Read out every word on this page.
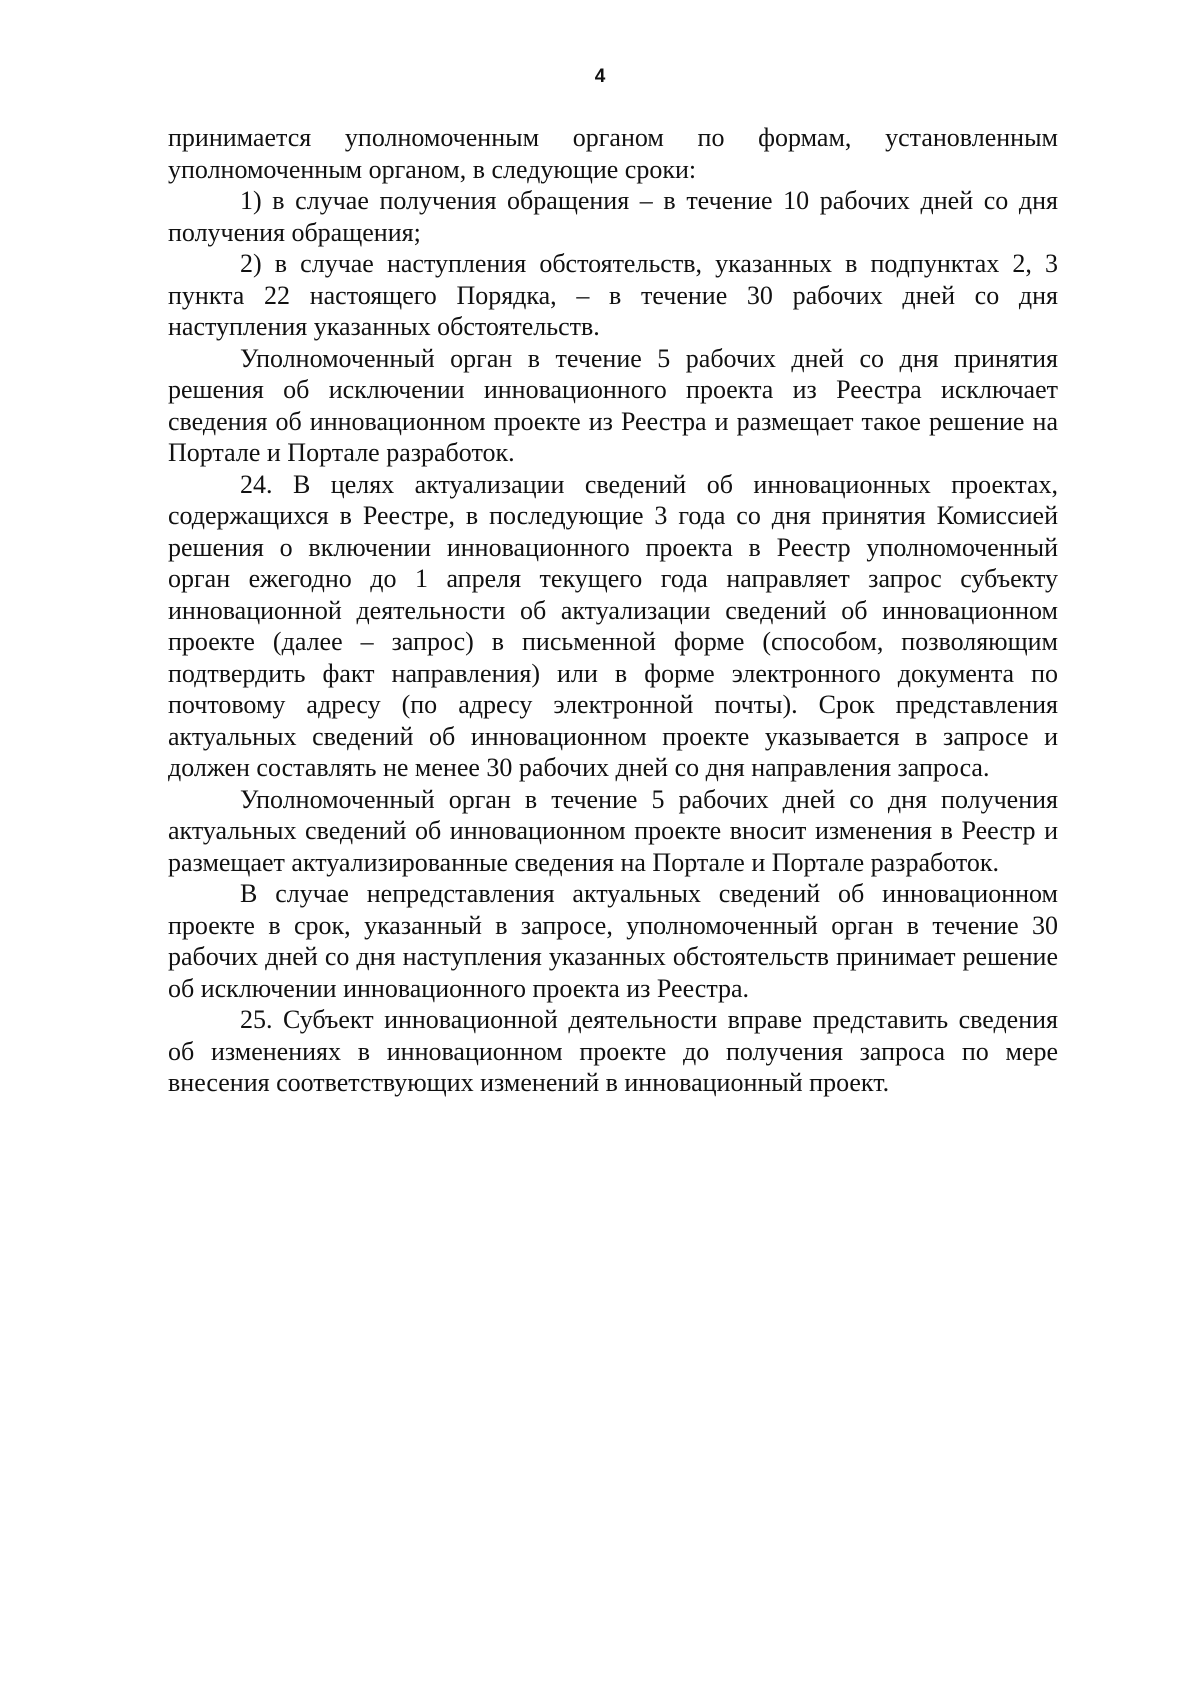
4

принимается уполномоченным органом по формам, установленным уполномоченным органом, в следующие сроки:

1) в случае получения обращения – в течение 10 рабочих дней со дня получения обращения;

2) в случае наступления обстоятельств, указанных в подпунктах 2, 3 пункта 22 настоящего Порядка, – в течение 30 рабочих дней со дня наступления указанных обстоятельств.

Уполномоченный орган в течение 5 рабочих дней со дня принятия решения об исключении инновационного проекта из Реестра исключает сведения об инновационном проекте из Реестра и размещает такое решение на Портале и Портале разработок.

24. В целях актуализации сведений об инновационных проектах, содержащихся в Реестре, в последующие 3 года со дня принятия Комиссией решения о включении инновационного проекта в Реестр уполномоченный орган ежегодно до 1 апреля текущего года направляет запрос субъекту инновационной деятельности об актуализации сведений об инновационном проекте (далее – запрос) в письменной форме (способом, позволяющим подтвердить факт направления) или в форме электронного документа по почтовому адресу (по адресу электронной почты). Срок представления актуальных сведений об инновационном проекте указывается в запросе и должен составлять не менее 30 рабочих дней со дня направления запроса.

Уполномоченный орган в течение 5 рабочих дней со дня получения актуальных сведений об инновационном проекте вносит изменения в Реестр и размещает актуализированные сведения на Портале и Портале разработок.

В случае непредставления актуальных сведений об инновационном проекте в срок, указанный в запросе, уполномоченный орган в течение 30 рабочих дней со дня наступления указанных обстоятельств принимает решение об исключении инновационного проекта из Реестра.

25. Субъект инновационной деятельности вправе представить сведения об изменениях в инновационном проекте до получения запроса по мере внесения соответствующих изменений в инновационный проект.
